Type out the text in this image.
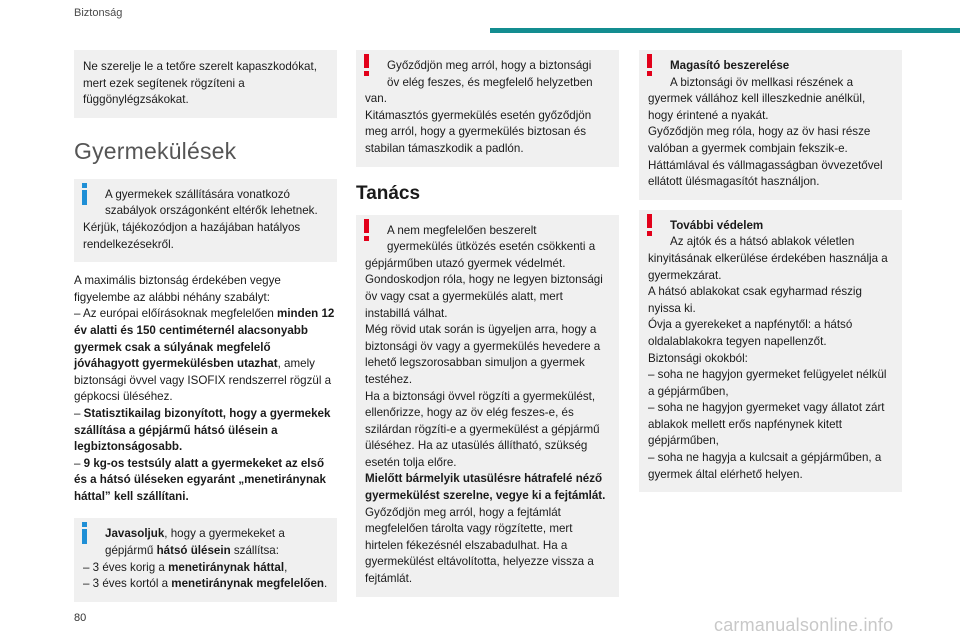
Biztonság

Ne szerelje le a tetőre szerelt kapaszkodókat, mert ezek segítenek rögzíteni a függönylégzsákokat.

Gyermekülések

A gyermekek szállítására vonatkozó

szabályok országonként eltérők lehetnek.

Kérjük, tájékozódjon a hazájában hatályos rendelkezésekről.

A maximális biztonság érdekében vegye figyelembe az alábbi néhány szabályt:

– Az európai előírásoknak megfelelően minden 12 év alatti és 150 centiméternél alacsonyabb gyermek csak a súlyának megfelelő jóváhagyott gyermekülésben utazhat, amely biztonsági övvel vagy ISOFIX rendszerrel rögzül a gépkocsi üléséhez.

– Statisztikailag bizonyított, hogy a gyermekek szállítása a gépjármű hátsó ülésein a legbiztonságosabb.

– 9 kg-os testsúly alatt a gyermekeket az első és a hátsó üléseken egyaránt „menetiránynak háttal” kell szállítani.

Javasoljuk, hogy a gyermekeket a

gépjármű hátsó ülésein szállítsa:

– 3 éves korig a menetiránynak háttal,

– 3 éves kortól a menetiránynak megfelelően.

Győződjön meg arról, hogy a biztonsági

öv elég feszes, és megfelelő helyzetben

van.

Kitámasztós gyermekülés esetén győződjön meg arról, hogy a gyermekülés biztosan és stabilan támaszkodik a padlón.

Tanács

A nem megfelelően beszerelt

gyermekülés ütközés esetén csökkenti a

gépjárműben utazó gyermek védelmét.

Gondoskodjon róla, hogy ne legyen biztonsági öv vagy csat a gyermekülés alatt, mert instabillá válhat.

Még rövid utak során is ügyeljen arra, hogy a biztonsági öv vagy a gyermekülés hevedere a lehető legszorosabban simuljon a gyermek testéhez.

Ha a biztonsági övvel rögzíti a gyermekülést, ellenőrizze, hogy az öv elég feszes-e, és szilárdan rögzíti-e a gyermekülést a gépjármű üléséhez. Ha az utasülés állítható, szükség esetén tolja előre.

Mielőtt bármelyik utasülésre hátrafelé néző gyermekülést szerelne, vegye ki a fejtámlát.

Győződjön meg arról, hogy a fejtámlát megfelelően tárolta vagy rögzítette, mert hirtelen fékezésnél elszabadulhat. Ha a gyermekülést eltávolította, helyezze vissza a fejtámlát.

Magasító beszerelése

A biztonsági öv mellkasi részének a

gyermek vállához kell illeszkednie anélkül, hogy érintené a nyakát.

Győződjön meg róla, hogy az öv hasi része valóban a gyermek combjain fekszik-e.

Háttámlával és vállmagasságban övvezetővel ellátott ülésmagasítót használjon.

További védelem

Az ajtók és a hátsó ablakok véletlen

kinyitásának elkerülése érdekében használja a gyermekzárat.

A hátsó ablakokat csak egyharmad részig nyissa ki.

Óvja a gyerekeket a napfénytől: a hátsó oldalablakokra tegyen napellenzőt.

Biztonsági okokból:

– soha ne hagyjon gyermeket felügyelet nélkül a gépjárműben,

– soha ne hagyjon gyermeket vagy állatot zárt ablakok mellett erős napfénynek kitett gépjárműben,

– soha ne hagyja a kulcsait a gépjárműben, a gyermek által elérhető helyen.

80	carmanualsonline.info
